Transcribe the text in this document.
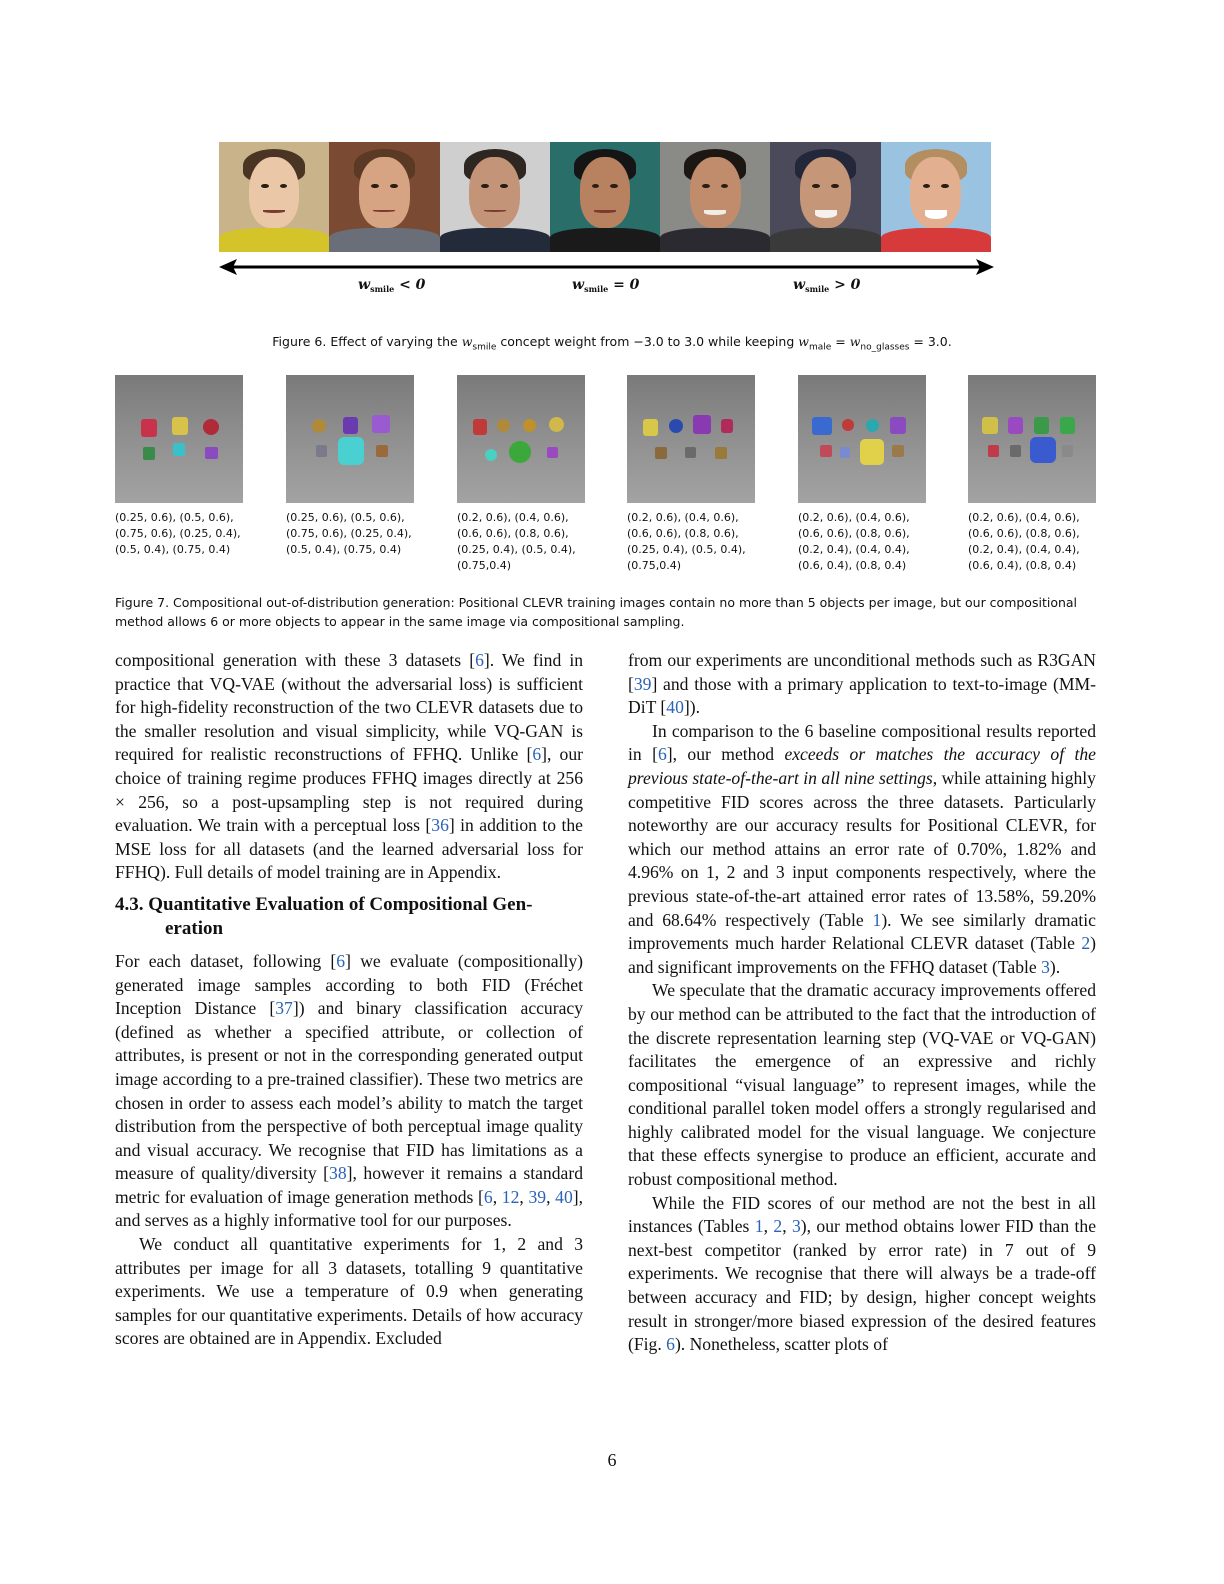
$w_{smile} < 0$	$w_{smile} = 0$	$w_{smile} > 0$
Figure 6. Effect of varying the $w_{smile}$ concept weight from −3.0 to 3.0 while keeping $w_{male} = w_{no\_glasses} = 3.0$.
(0.25, 0.6), (0.5, 0.6),
(0.75, 0.6), (0.25, 0.4),
(0.5, 0.4), (0.75, 0.4)
(0.25, 0.6), (0.5, 0.6),
(0.75, 0.6), (0.25, 0.4),
(0.5, 0.4), (0.75, 0.4)
(0.2, 0.6), (0.4, 0.6),
(0.6, 0.6), (0.8, 0.6),
(0.25, 0.4), (0.5, 0.4),
(0.75,0.4)
(0.2, 0.6), (0.4, 0.6),
(0.6, 0.6), (0.8, 0.6),
(0.25, 0.4), (0.5, 0.4),
(0.75,0.4)
(0.2, 0.6), (0.4, 0.6),
(0.6, 0.6), (0.8, 0.6),
(0.2, 0.4), (0.4, 0.4),
(0.6, 0.4), (0.8, 0.4)
(0.2, 0.6), (0.4, 0.6),
(0.6, 0.6), (0.8, 0.6),
(0.2, 0.4), (0.4, 0.4),
(0.6, 0.4), (0.8, 0.4)
Figure 7. Compositional out-of-distribution generation: Positional CLEVR training images contain no more than 5 objects per image, but our compositional
method allows 6 or more objects to appear in the same image via compositional sampling.

compositional generation with these 3 datasets [6]. We find in practice that VQ-VAE (without the adversarial loss) is sufficient for high-fidelity reconstruction of the two CLEVR datasets due to the smaller resolution and visual simplicity, while VQ-GAN is required for realistic reconstructions of FFHQ. Unlike [6], our choice of training regime produces FFHQ images directly at 256 × 256, so a post-upsampling step is not required during evaluation. We train with a perceptual loss [36] in addition to the MSE loss for all datasets (and the learned adversarial loss for FFHQ). Full details of model training are in Appendix.

4.3. Quantitative Evaluation of Compositional Gen-
eration

For each dataset, following [6] we evaluate (compositionally) generated image samples according to both FID (Fréchet Inception Distance [37]) and binary classification accuracy (defined as whether a specified attribute, or collection of attributes, is present or not in the corresponding generated output image according to a pre-trained classifier). These two metrics are chosen in order to assess each model’s ability to match the target distribution from the perspective of both perceptual image quality and visual accuracy. We recognise that FID has limitations as a measure of quality/diversity [38], however it remains a standard metric for evaluation of image generation methods [6, 12, 39, 40], and serves as a highly informative tool for our purposes.

We conduct all quantitative experiments for 1, 2 and 3 attributes per image for all 3 datasets, totalling 9 quantitative experiments. We use a temperature of 0.9 when generating samples for our quantitative experiments. Details of how accuracy scores are obtained are in Appendix. Excluded

from our experiments are unconditional methods such as R3GAN [39] and those with a primary application to text-to-image (MM-DiT [40]).

In comparison to the 6 baseline compositional results reported in [6], our method exceeds or matches the accuracy of the previous state-of-the-art in all nine settings, while attaining highly competitive FID scores across the three datasets. Particularly noteworthy are our accuracy results for Positional CLEVR, for which our method attains an error rate of 0.70%, 1.82% and 4.96% on 1, 2 and 3 input components respectively, where the previous state-of-the-art attained error rates of 13.58%, 59.20% and 68.64% respectively (Table 1). We see similarly dramatic improvements much harder Relational CLEVR dataset (Table 2) and significant improvements on the FFHQ dataset (Table 3).

We speculate that the dramatic accuracy improvements offered by our method can be attributed to the fact that the introduction of the discrete representation learning step (VQ-VAE or VQ-GAN) facilitates the emergence of an expressive and richly compositional “visual language” to represent images, while the conditional parallel token model offers a strongly regularised and highly calibrated model for the visual language. We conjecture that these effects synergise to produce an efficient, accurate and robust compositional method.

While the FID scores of our method are not the best in all instances (Tables 1, 2, 3), our method obtains lower FID than the next-best competitor (ranked by error rate) in 7 out of 9 experiments. We recognise that there will always be a trade-off between accuracy and FID; by design, higher concept weights result in stronger/more biased expression of the desired features (Fig. 6). Nonetheless, scatter plots of

6
